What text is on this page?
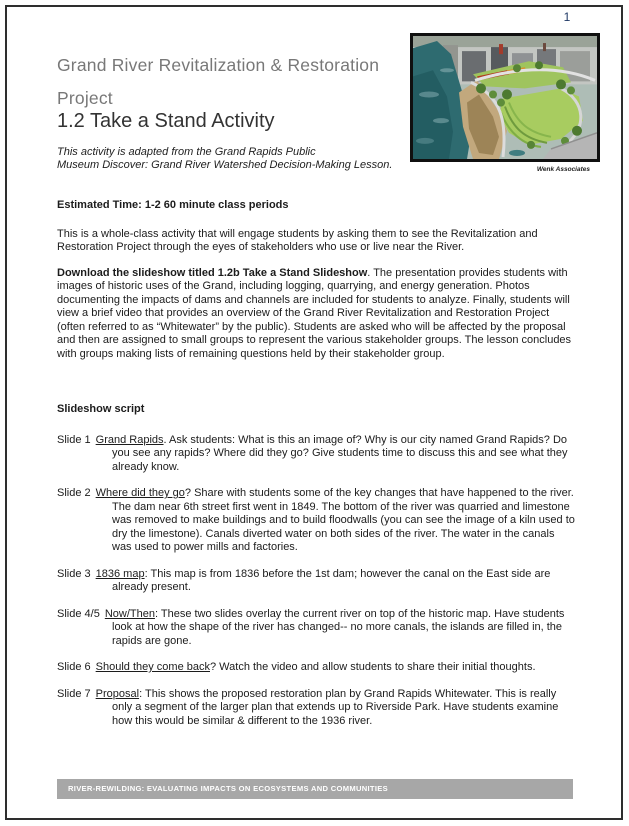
1
Grand River Revitalization & Restoration Project
1.2 Take a Stand Activity
This activity is adapted from the Grand Rapids Public
Museum Discover: Grand River Watershed Decision-Making Lesson.	Wenk Associates

Estimated Time: 1-2 60 minute class periods

This is a whole-class activity that will engage students by asking them to see the Revitalization and Restoration Project through the eyes of stakeholders who use or live near the River.

Download the slideshow titled 1.2b Take a Stand Slideshow. The presentation provides students with images of historic uses of the Grand, including logging, quarrying, and energy generation. Photos documenting the impacts of dams and channels are included for students to analyze. Finally, students will view a brief video that provides an overview of the Grand River Revitalization and Restoration Project (often referred to as “Whitewater” by the public). Students are asked who will be affected by the proposal and then are assigned to small groups to represent the various stakeholder groups. The lesson concludes with groups making lists of remaining questions held by their stakeholder group.

Slideshow script

Slide 1 Grand Rapids. Ask students: What is this an image of? Why is our city named Grand Rapids? Do you see any rapids? Where did they go? Give students time to discuss this and see what they already know.
Slide 2 Where did they go? Share with students some of the key changes that have happened to the river. The dam near 6th street first went in 1849. The bottom of the river was quarried and limestone was removed to make buildings and to build floodwalls (you can see the image of a kiln used to dry the limestone). Canals diverted water on both sides of the river. The water in the canals was used to power mills and factories.
Slide 3 1836 map: This map is from 1836 before the 1st dam; however the canal on the East side are already present.
Slide 4/5 Now/Then: These two slides overlay the current river on top of the historic map. Have students look at how the shape of the river has changed-- no more canals, the islands are filled in, the rapids are gone.
Slide 6 Should they come back? Watch the video and allow students to share their initial thoughts.
Slide 7 Proposal: This shows the proposed restoration plan by Grand Rapids Whitewater. This is really only a segment of the larger plan that extends up to Riverside Park. Have students examine how this would be similar & different to the 1936 river.
RIVER-REWILDING: EVALUATING IMPACTS ON ECOSYSTEMS AND COMMUNITIES
